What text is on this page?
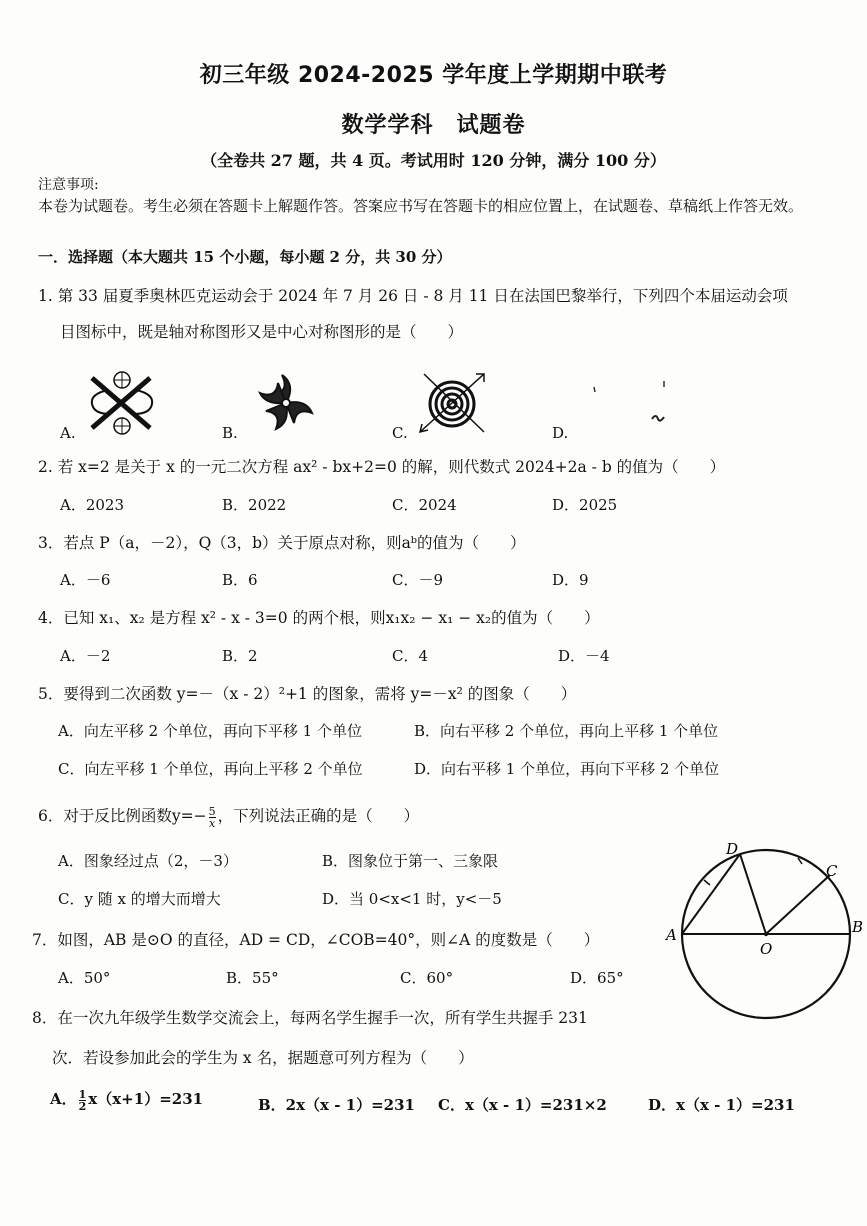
初三年级 2024-2025 学年度上学期期中联考
数学学科　试题卷
（全卷共 27 题，共 4 页。考试用时 120 分钟，满分 100 分）
注意事项:
本卷为试题卷。考生必须在答题卡上解题作答。答案应书写在答题卡的相应位置上，在试题卷、草稿纸上作答无效。
一．选择题（本大题共 15 个小题，每小题 2 分，共 30 分）
1. 第 33 届夏季奥林匹克运动会于 2024 年 7 月 26 日 - 8 月 11 日在法国巴黎举行，下列四个本届运动会项
目图标中，既是轴对称图形又是中心对称图形的是（　　）
A.	B.	C.	D.
2. 若 x=2 是关于 x 的一元二次方程 ax² - bx+2=0 的解，则代数式 2024+2a - b 的值为（　　）
A．2023	B．2022	C．2024	D．2025
3．若点 P（a，－2），Q（3，b）关于原点对称，则aᵇ的值为（　　）
A．－6	B．6	C．－9	D．9
4．已知 x₁、x₂ 是方程 x² - x - 3=0 的两个根，则x₁x₂ − x₁ − x₂的值为（　　）
A．－2	B．2	C．4	D．－4
5．要得到二次函数 y=－（x - 2）²+1 的图象，需将 y=－x² 的图象（　　）
A．向左平移 2 个单位，再向下平移 1 个单位	B．向右平移 2 个单位，再向上平移 1 个单位
C．向左平移 1 个单位，再向上平移 2 个单位	D．向右平移 1 个单位，再向下平移 2 个单位
6．对于反比例函数$y=- \frac{5}{x}$ ，下列说法正确的是（　　）
A．图象经过点（2，－3）	B．图象位于第一、三象限
C．y 随 x 的增大而增大	D．当 0<x<1 时，y<－5
D
C
A	B
O
7．如图，AB 是⊙O 的直径，AD = CD，∠COB=40°，则∠A 的度数是（　　）
A．50°	B．55°	C．60°	D．65°
8．在一次九年级学生数学交流会上，每两名学生握手一次，所有学生共握手 231
次．若设参加此会的学生为 x 名，据题意可列方程为（　　）
A． $\frac{1}{2} x(x+1)=231$	B．2x（x - 1）=231 C．x（x - 1）=231×2	D．x（x - 1）=231
